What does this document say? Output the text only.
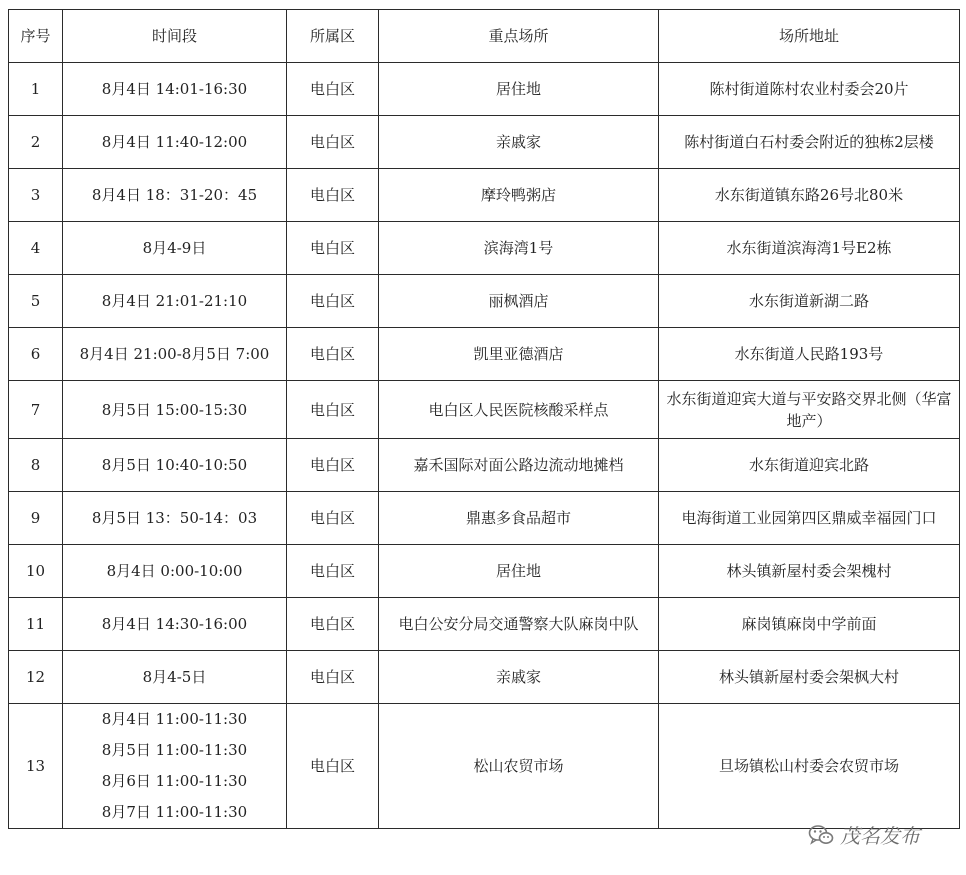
序号	时间段	所属区	重点场所	场所地址
1	8月4日 14:01-16:30	电白区	居住地	陈村街道陈村农业村委会20片
2	8月4日 11:40-12:00	电白区	亲戚家	陈村街道白石村委会附近的独栋2层楼
3	8月4日 18：31-20：45	电白区	摩玲鸭粥店	水东街道镇东路26号北80米
4	8月4-9日	电白区	滨海湾1号	水东街道滨海湾1号E2栋
5	8月4日 21:01-21:10	电白区	丽枫酒店	水东街道新湖二路
6	8月4日 21:00-8月5日 7:00	电白区	凯里亚德酒店	水东街道人民路193号
7	8月5日 15:00-15:30	电白区	电白区人民医院核酸采样点	水东街道迎宾大道与平安路交界北侧（华富地产）
8	8月5日 10:40-10:50	电白区	嘉禾国际对面公路边流动地摊档	水东街道迎宾北路
9	8月5日 13：50-14：03	电白区	鼎惠多食品超市	电海街道工业园第四区鼎威幸福园门口
10	8月4日 0:00-10:00	电白区	居住地	林头镇新屋村委会架槐村
11	8月4日 14:30-16:00	电白区	电白公安分局交通警察大队麻岗中队	麻岗镇麻岗中学前面
12	8月4-5日	电白区	亲戚家	林头镇新屋村委会架枫大村
13	8月4日 11:00-11:30
8月5日 11:00-11:30
8月6日 11:00-11:30
8月7日 11:00-11:30	电白区	松山农贸市场	旦场镇松山村委会农贸市场
茂名发布
